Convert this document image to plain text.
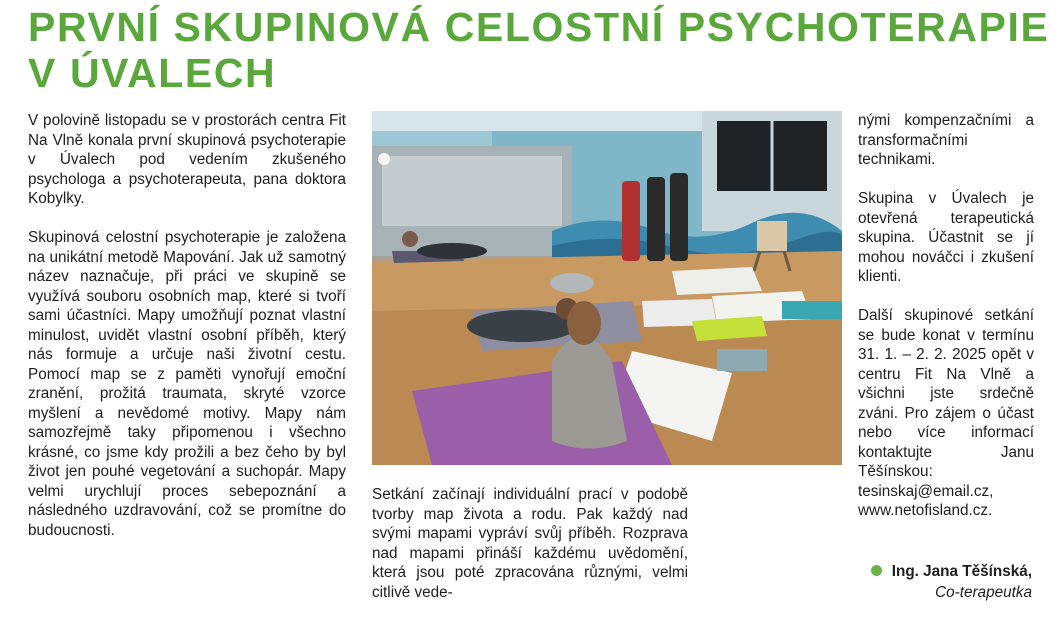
PRVNÍ SKUPINOVÁ CELOSTNÍ PSYCHOTERAPIE V ÚVALECH

V polovině listopadu se v prostorách centra Fit Na Vlně konala první skupinová psychoterapie v Úvalech pod vedením zkušeného psychologa a psychoterapeuta, pana doktora Kobylky.

Skupinová celostní psychoterapie je založena na unikátní metodě Mapování. Jak už samotný název naznačuje, při práci ve skupině se využívá souboru osobních map, které si tvoří sami účastníci. Mapy umožňují poznat vlastní minulost, uvidět vlastní osobní příběh, který nás formuje a určuje naši životní cestu. Pomocí map se z paměti vynořují emoční zranění, prožitá traumata, skryté vzorce myšlení a nevědomé motivy. Mapy nám samozřejmě taky připomenou i všechno krásné, co jsme kdy prožili a bez čeho by byl život jen pouhé vegetování a suchopár. Mapy velmi urychlují proces sebepoznání a následného uzdravování, což se promítne do budoucnosti.

Setkání začínají individuální prací v podobě tvorby map života a rodu. Pak každý nad svými mapami vypráví svůj příběh. Rozprava nad mapami přináší každému uvědomění, která jsou poté zpracována různými, velmi citlivě vede-

nými kompenzačními a transformačními technikami.

Skupina v Úvalech je otevřená terapeutická skupina. Účastnit se jí mohou nováčci i zkušení klienti.

Další skupinové setkání se bude konat v termínu 31. 1. – 2. 2. 2025 opět v centru Fit Na Vlně a všichni jste srdečně zváni. Pro zájem o účast nebo více informací kontaktujte Janu Těšínskou: tesinskaj@email.cz, www.netofisland.cz.

Ing. Jana Těšínská,
Co-terapeutka
